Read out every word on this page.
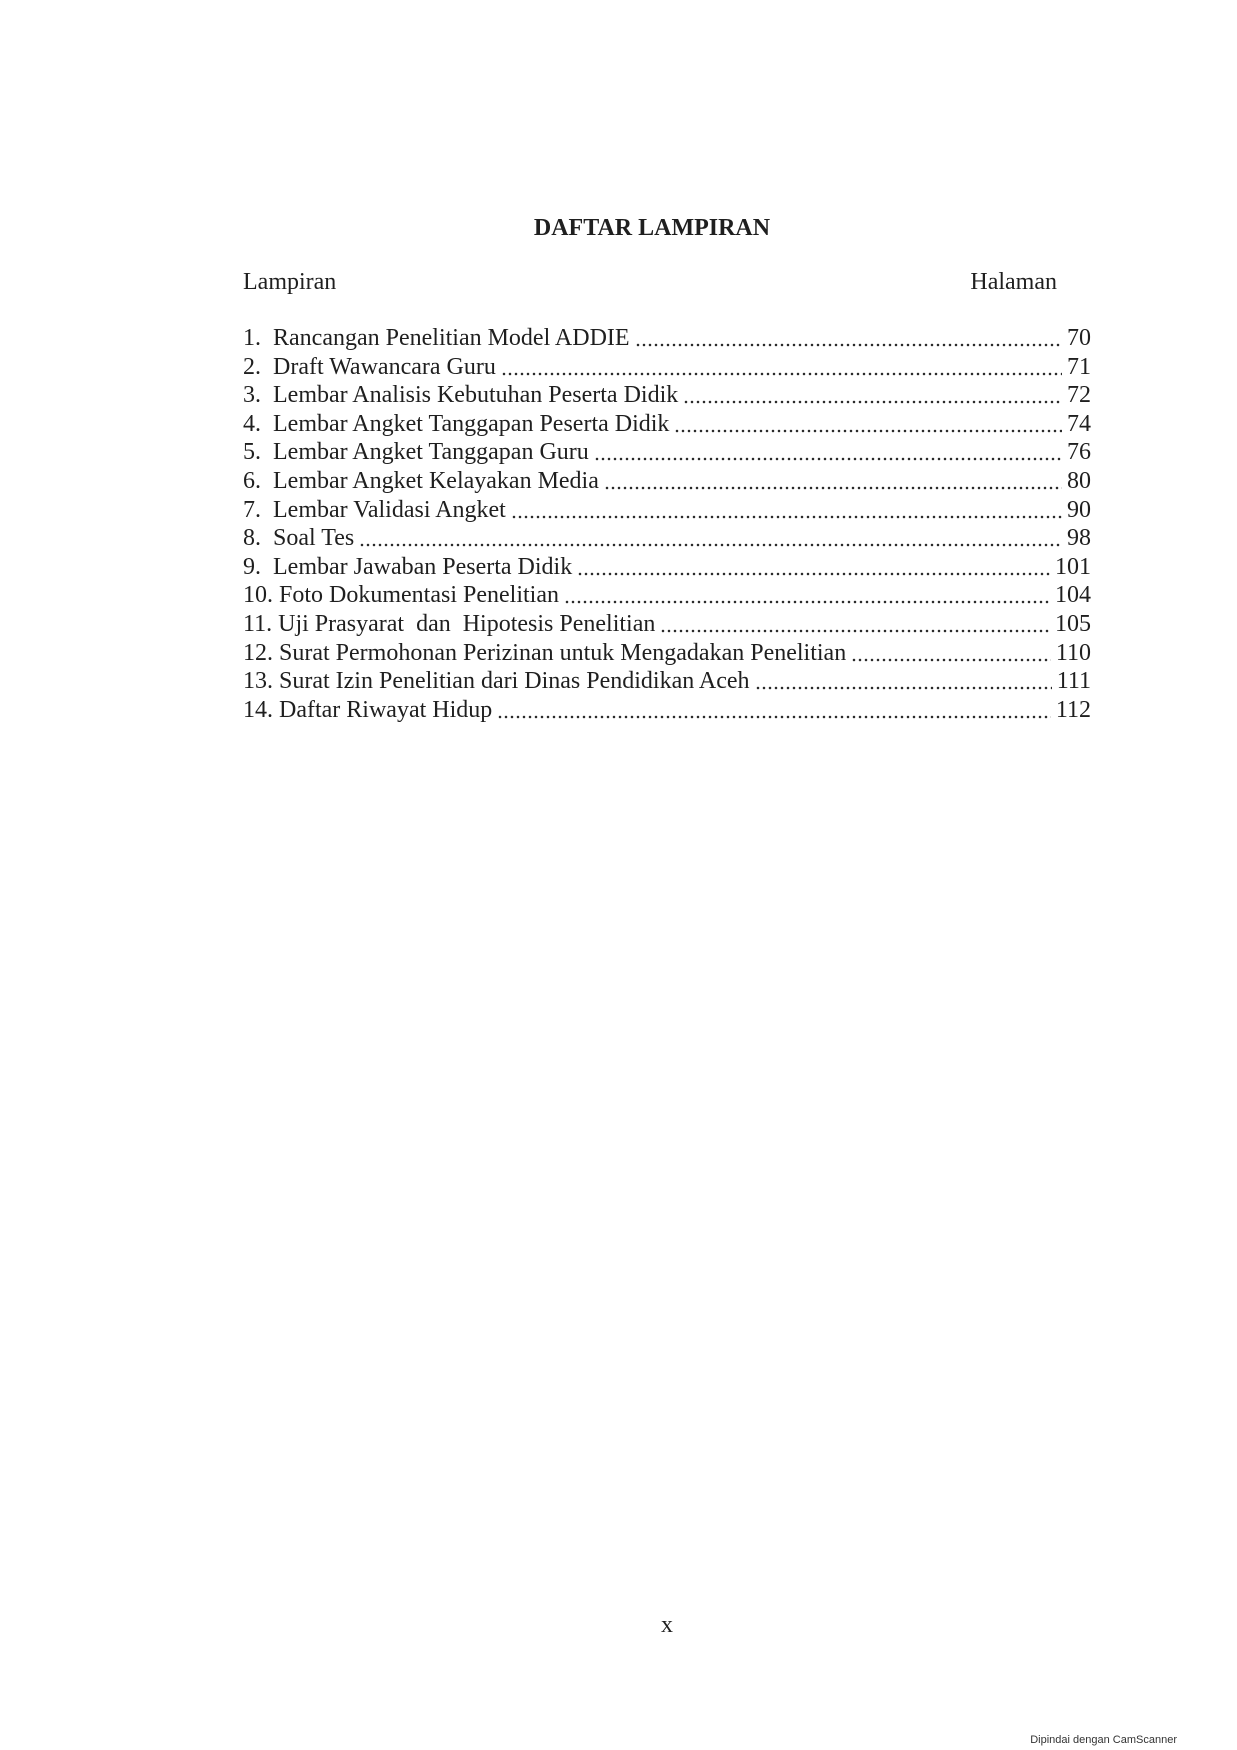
DAFTAR LAMPIRAN
Lampiran	Halaman
1. Rancangan Penelitian Model ADDIE	70
2. Draft Wawancara Guru	71
3. Lembar Analisis Kebutuhan Peserta Didik	72
4. Lembar Angket Tanggapan Peserta Didik	74
5. Lembar Angket Tanggapan Guru	76
6. Lembar Angket Kelayakan Media	80
7. Lembar Validasi Angket	90
8. Soal Tes	98
9. Lembar Jawaban Peserta Didik	101
10. Foto Dokumentasi Penelitian	104
11. Uji Prasyarat  dan  Hipotesis Penelitian	105
12. Surat Permohonan Perizinan untuk Mengadakan Penelitian	110
13. Surat Izin Penelitian dari Dinas Pendidikan Aceh	111
14. Daftar Riwayat Hidup	112
x
Dipindai dengan CamScanner
